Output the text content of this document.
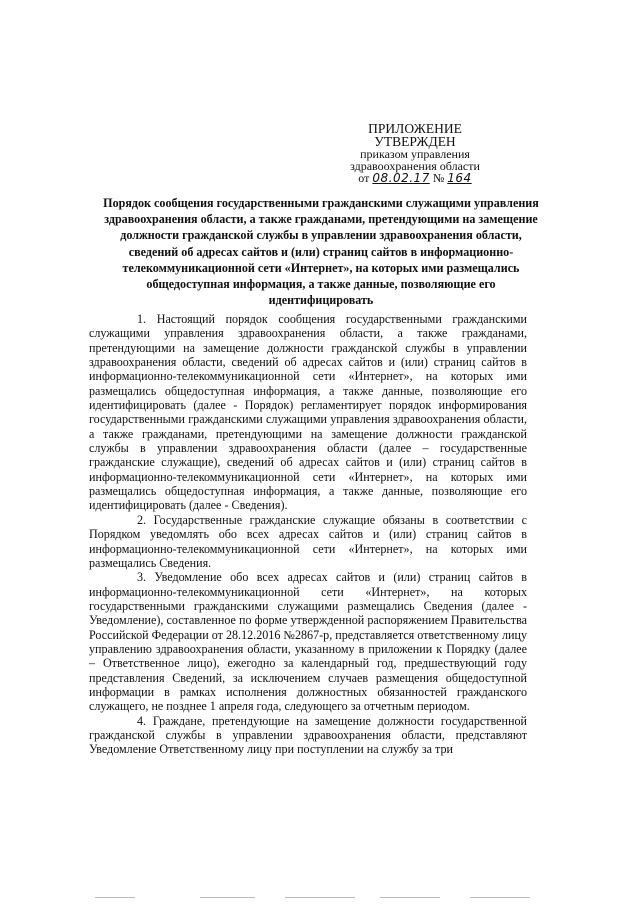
ПРИЛОЖЕНИЕ
УТВЕРЖДЕН
приказом управления
здравоохранения области
от 08.02.17 № 164
Порядок сообщения государственными гражданскими служащими управления здравоохранения области, а также гражданами, претендующими на замещение должности гражданской службы в управлении здравоохранения области, сведений об адресах сайтов и (или) страниц сайтов в информационно-телекоммуникационной сети «Интернет», на которых ими размещались общедоступная информация, а также данные, позволяющие его идентифицировать

1. Настоящий порядок сообщения государственными гражданскими служащими управления здравоохранения области, а также гражданами, претендующими на замещение должности гражданской службы в управлении здравоохранения области, сведений об адресах сайтов и (или) страниц сайтов в информационно-телекоммуникационной сети «Интернет», на которых ими размещались общедоступная информация, а также данные, позволяющие его идентифицировать (далее - Порядок) регламентирует порядок информирования государственными гражданскими служащими управления здравоохранения области, а также гражданами, претендующими на замещение должности гражданской службы в управлении здравоохранения области (далее – государственные гражданские служащие), сведений об адресах сайтов и (или) страниц сайтов в информационно-телекоммуникационной сети «Интернет», на которых ими размещались общедоступная информация, а также данные, позволяющие его идентифицировать (далее - Сведения).

2. Государственные гражданские служащие обязаны в соответствии с Порядком уведомлять обо всех адресах сайтов и (или) страниц сайтов в информационно-телекоммуникационной сети «Интернет», на которых ими размещались Сведения.

3. Уведомление обо всех адресах сайтов и (или) страниц сайтов в информационно-телекоммуникационной сети «Интернет», на которых государственными гражданскими служащими размещались Сведения (далее - Уведомление), составленное по форме утвержденной распоряжением Правительства Российской Федерации от 28.12.2016 №2867-р, представляется ответственному лицу управлению здравоохранения области, указанному в приложении к Порядку (далее – Ответственное лицо), ежегодно за календарный год, предшествующий году представления Сведений, за исключением случаев размещения общедоступной информации в рамках исполнения должностных обязанностей гражданского служащего, не позднее 1 апреля года, следующего за отчетным периодом.

4. Граждане, претендующие на замещение должности государственной гражданской службы в управлении здравоохранения области, представляют Уведомление Ответственному лицу при поступлении на службу за три
